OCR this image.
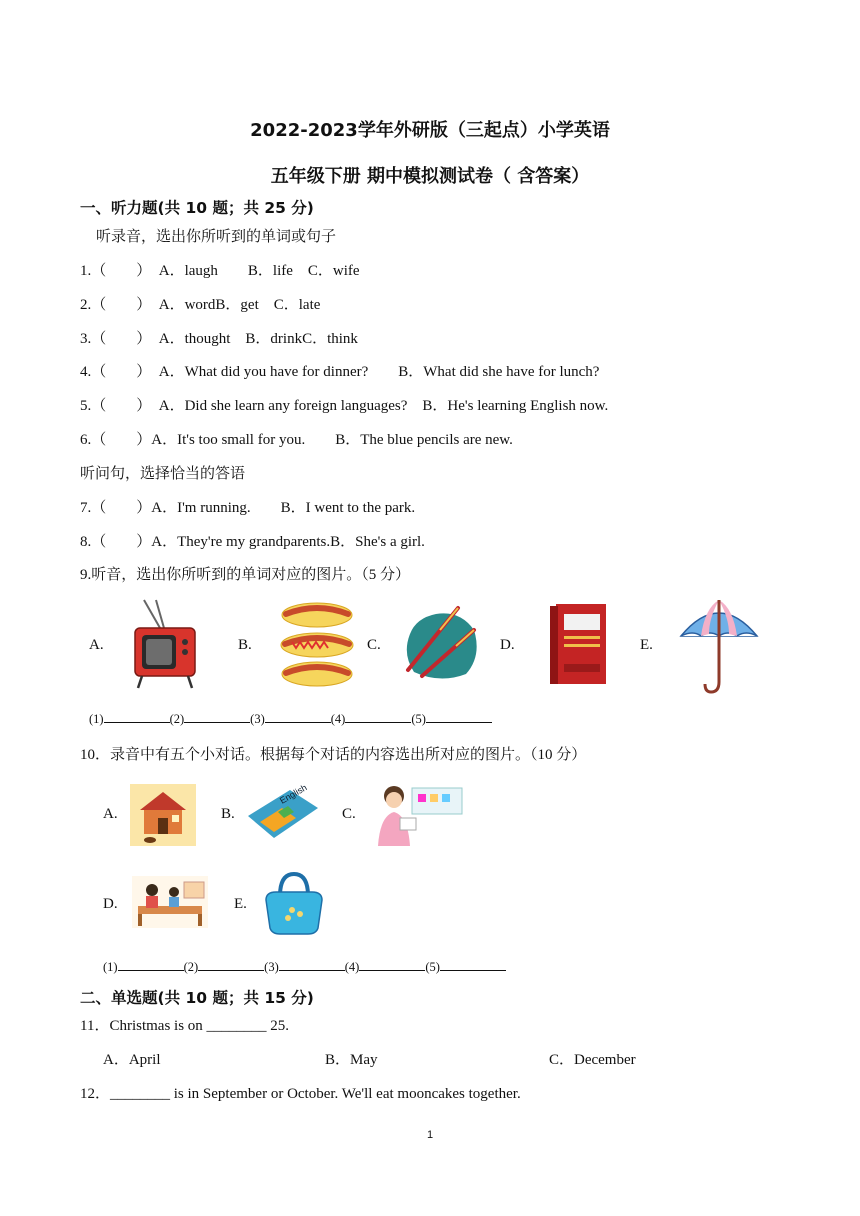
2022-2023学年外研版（三起点）小学英语
五年级下册 期中模拟测试卷（ 含答案）
一、听力题(共 10 题；共 25 分)
听录音，选出你所听到的单词或句子
1.（　　）　A．laugh　　B．life　C．wife
2.（　　）　A．wordB．get　C．late
3.（　　）　A．thought　B．drinkC．think
4.（　　）　A．What did you have for dinner?　　B．What did she have for lunch?
5.（　　）　A．Did she learn any foreign languages?　B．He's learning English now.
6.（　　）A．It's too small for you.　　B．The blue pencils are new.
听问句，选择恰当的答语
7.（　　）A．I'm running.　　B．I went to the park.
8.（　　）A．They're my grandparents.B．She's a girl.
9.听音，选出你所听到的单词对应的图片。（5 分）
A.	B.	C.	D.	E.
(1)	(2)	(3)	(4)	(5)
10．录音中有五个小对话。根据每个对话的内容选出所对应的图片。（10 分）
A.	B.	C.
D.	E.
English
(1)	(2)	(3)	(4)	(5)
二、单选题(共 10 题；共 15 分)
11．Christmas is on ________ 25.
A．April	B．May	C．December
12．________ is in September or October. We'll eat mooncakes together.
1
